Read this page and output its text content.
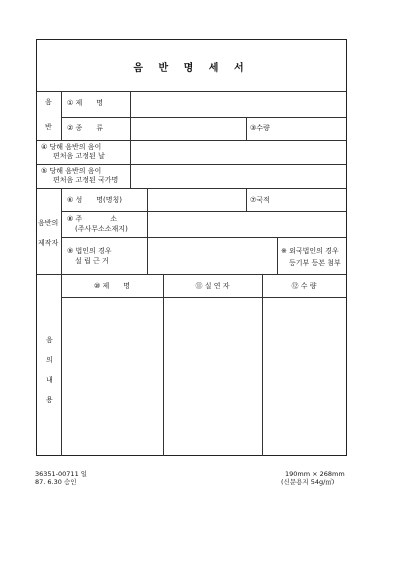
음 반 명 세 서
음
반
① 제　　명
② 종　　류	③수량
④ 당해 음반의 음이
편처음 고정된 날
⑤ 당해 음반의 음이
편처음 고정된 국가명
음반의
제작자
⑥ 성　　명(명칭)	⑦국적
⑧ 주　　　　소
(주사무소소재지)
⑨ 법인의 경우
설 립 근 거
※ 외국법인의 경우
등기부 등본 첨부
음
의
내
용
⑩ 제　　명	⑪ 실 연 자	⑫ 수 량
36351-00711 일
87. 6.30 승인
190mm × 268mm
(신문용지 54g/㎡)
